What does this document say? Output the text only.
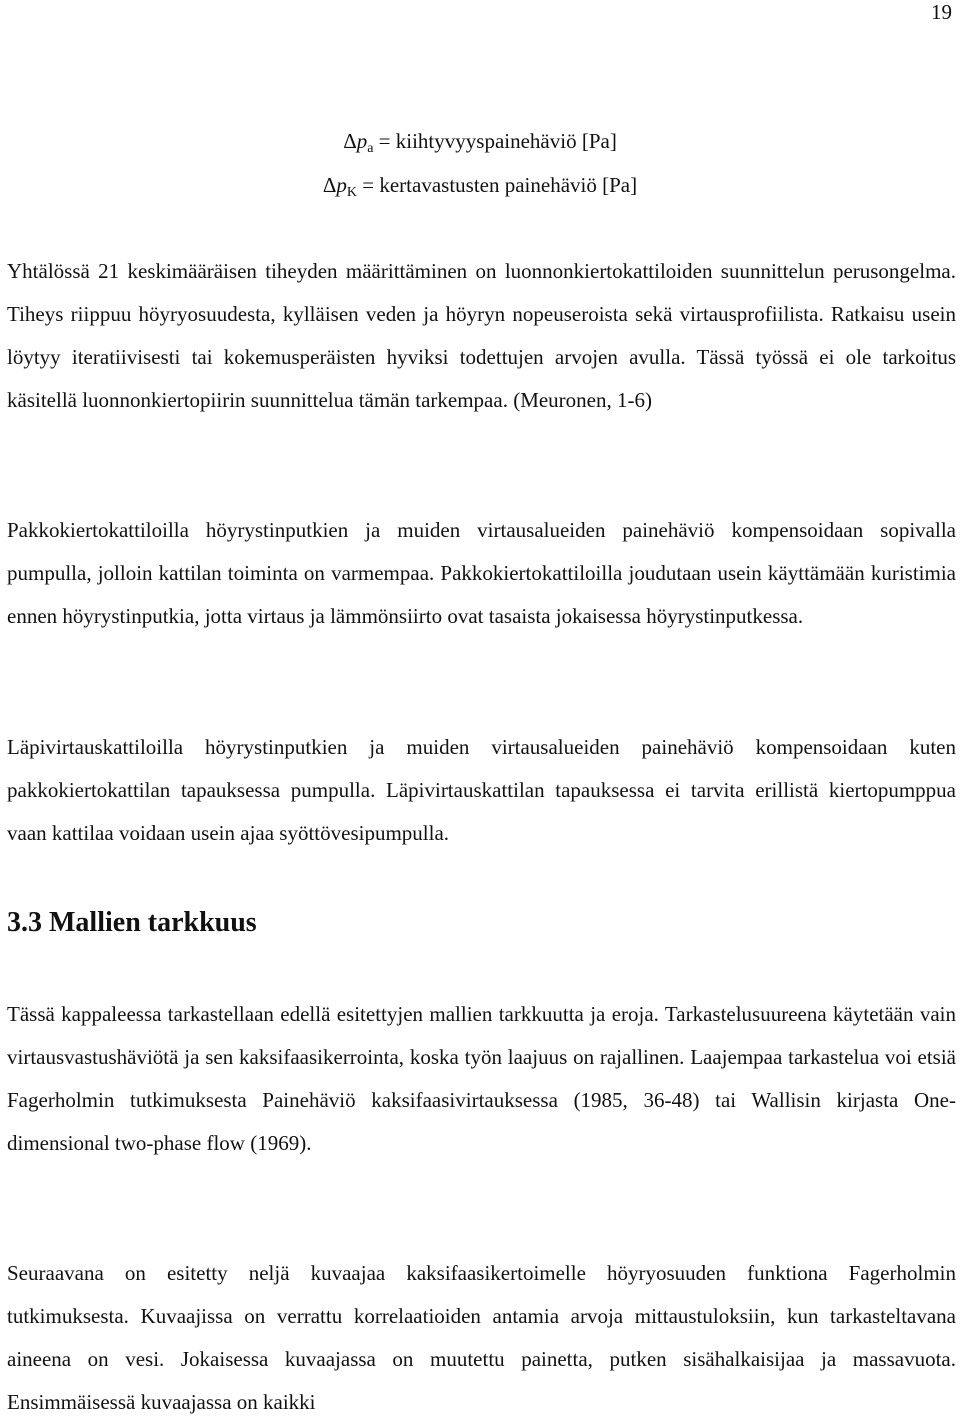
19
$\Delta p_a$ = kiihtyvyyspainehäviö [Pa]
$\Delta p_K$ = kertavastusten painehäviö [Pa]

Yhtälössä 21 keskimääräisen tiheyden määrittäminen on luonnonkiertokattiloiden suunnittelun perusongelma. Tiheys riippuu höyryosuudesta, kylläisen veden ja höyryn nopeuseroista sekä virtausprofiilista. Ratkaisu usein löytyy iteratiivisesti tai kokemusperäisten hyviksi todettujen arvojen avulla. Tässä työssä ei ole tarkoitus käsitellä luonnonkiertopiirin suunnittelua tämän tarkempaa. (Meuronen, 1-6)

Pakkokiertokattiloilla höyrystinputkien ja muiden virtausalueiden painehäviö kompensoidaan sopivalla pumpulla, jolloin kattilan toiminta on varmempaa. Pakkokiertokattiloilla joudutaan usein käyttämään kuristimia ennen höyrystinputkia, jotta virtaus ja lämmönsiirto ovat tasaista jokaisessa höyrystinputkessa.

Läpivirtauskattiloilla höyrystinputkien ja muiden virtausalueiden painehäviö kompensoidaan kuten pakkokiertokattilan tapauksessa pumpulla. Läpivirtauskattilan tapauksessa ei tarvita erillistä kiertopumppua vaan kattilaa voidaan usein ajaa syöttövesipumpulla.

3.3 Mallien tarkkuus

Tässä kappaleessa tarkastellaan edellä esitettyjen mallien tarkkuutta ja eroja. Tarkastelusuureena käytetään vain virtausvastushäviötä ja sen kaksifaasikerrointa, koska työn laajuus on rajallinen. Laajempaa tarkastelua voi etsiä Fagerholmin tutkimuksesta Painehäviö kaksifaasivirtauksessa (1985, 36-48) tai Wallisin kirjasta One-dimensional two-phase flow (1969).

Seuraavana on esitetty neljä kuvaajaa kaksifaasikertoimelle höyryosuuden funktiona Fagerholmin tutkimuksesta. Kuvaajissa on verrattu korrelaatioiden antamia arvoja mittaustuloksiin, kun tarkasteltavana aineena on vesi. Jokaisessa kuvaajassa on muutettu painetta, putken sisähalkaisijaa ja massavuota. Ensimmäisessä kuvaajassa on kaikki
